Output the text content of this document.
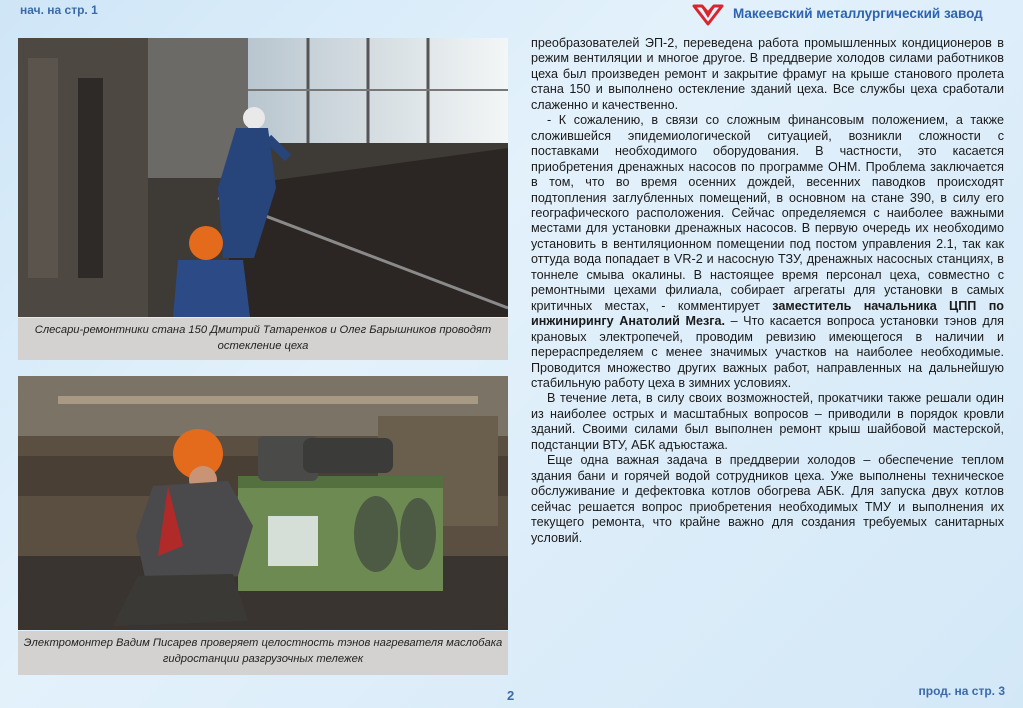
нач. на стр. 1	Макеевский металлургический завод
Слесари-ремонтники стана 150 Дмитрий Татаренков и Олег Барышников проводят остекление цеха
Электромонтер Вадим Писарев проверяет целостность тэнов нагревателя маслобака гидростанции разгрузочных тележек

преобразователей ЭП-2, переведена работа промышленных кондиционеров в режим вентиляции и многое другое. В преддверие холодов силами работников цеха был произведен ремонт и закрытие фрамуг на крыше станового пролета стана 150 и выполнено остекление зданий цеха. Все службы цеха сработали слаженно и качественно.

- К сожалению, в связи со сложным финансовым положением, а также сложившейся эпидемиологической ситуацией, возникли сложности с поставками необходимого оборудования. В частности, это касается приобретения дренажных насосов по программе ОНМ. Проблема заключается в том, что во время осенних дождей, весенних паводков происходят подтопления заглубленных помещений, в основном на стане 390, в силу его географического расположения. Сейчас определяемся с наиболее важными местами для установки дренажных насосов. В первую очередь их необходимо установить в вентиляционном помещении под постом управления 2.1, так как оттуда вода попадает в VR-2 и насосную ТЗУ, дренажных насосных станциях, в тоннеле смыва окалины. В настоящее время персонал цеха, совместно с ремонтными цехами филиала, собирает агрегаты для установки в самых критичных местах, - комментирует заместитель начальника ЦПП по инжинирингу Анатолий Мезга. – Что касается вопроса установки тэнов для крановых электропечей, проводим ревизию имеющегося в наличии и перераспределяем с менее значимых участков на наиболее необходимые. Проводится множество других важных работ, направленных на дальнейшую стабильную работу цеха в зимних условиях.

В течение лета, в силу своих возможностей, прокатчики также решали один из наиболее острых и масштабных вопросов – приводили в порядок кровли зданий. Своими силами был выполнен ремонт крыш шайбовой мастерской, подстанции ВТУ, АБК адъюстажа.

Еще одна важная задача в преддверии холодов – обеспечение теплом здания бани и горячей водой сотрудников цеха. Уже выполнены техническое обслуживание и дефектовка котлов обогрева АБК. Для запуска двух котлов сейчас решается вопрос приобретения необходимых ТМУ и выполнения их текущего ремонта, что крайне важно для создания требуемых санитарных условий.

2	прод. на стр. 3
